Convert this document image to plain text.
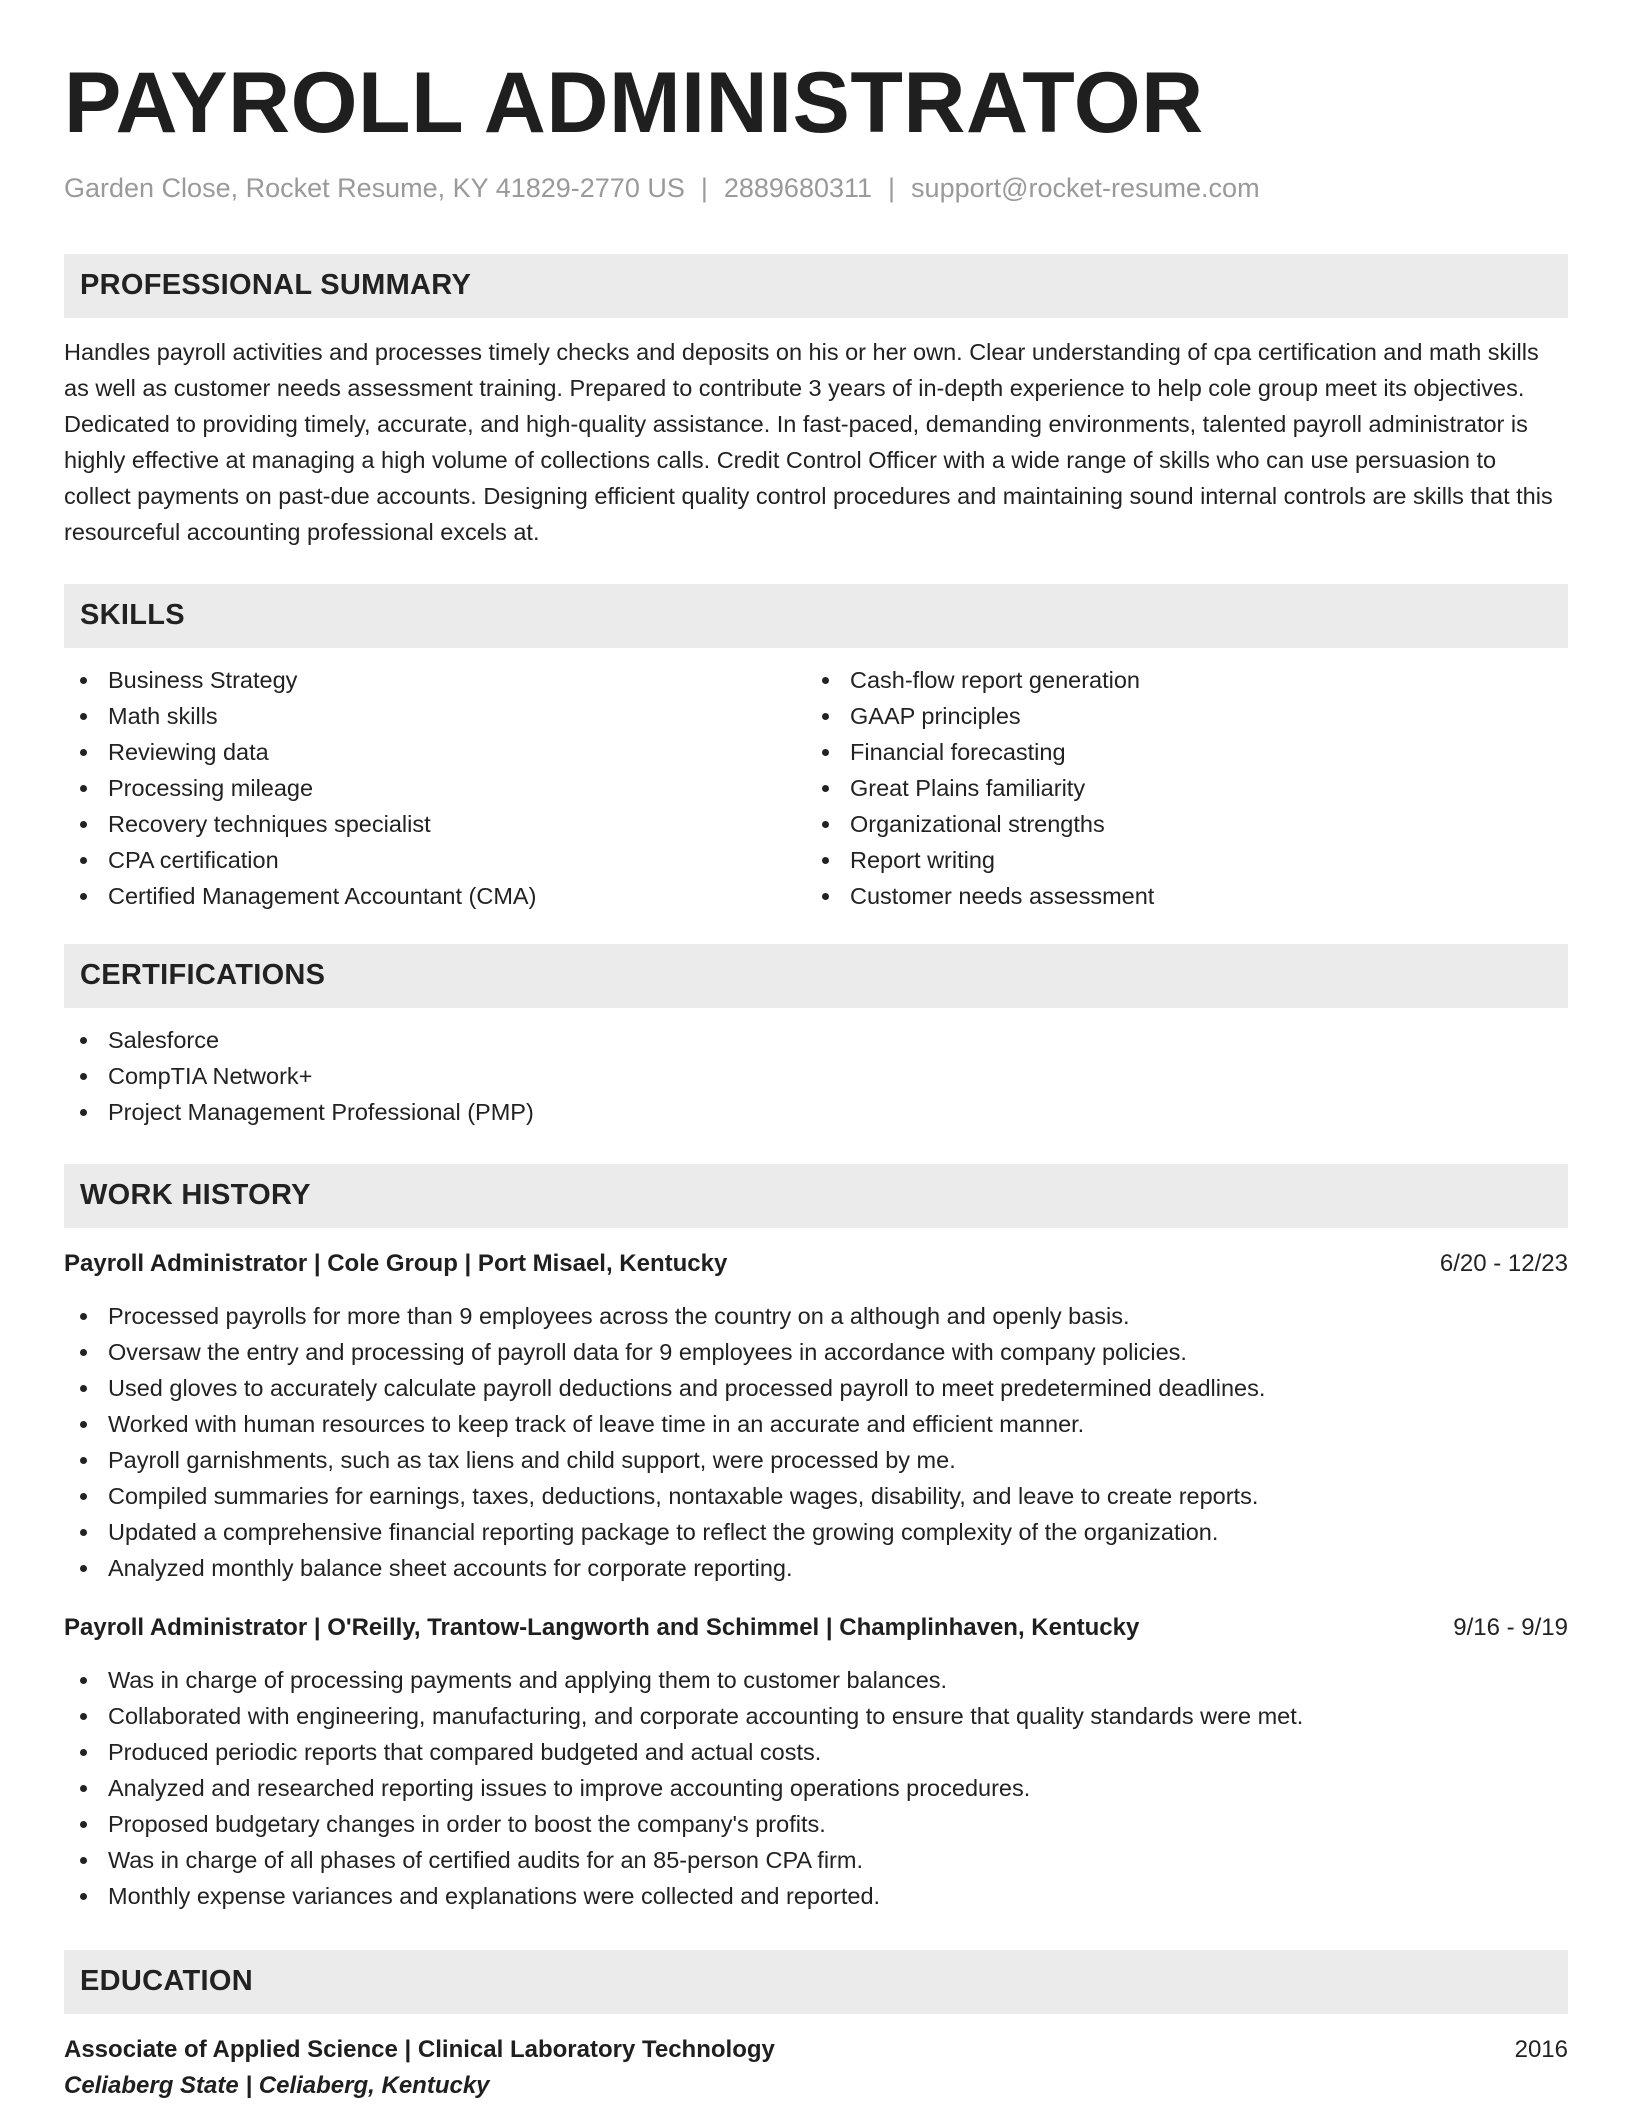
PAYROLL ADMINISTRATOR
Garden Close, Rocket Resume, KY 41829-2770 US | 2889680311 | support@rocket-resume.com
PROFESSIONAL SUMMARY
Handles payroll activities and processes timely checks and deposits on his or her own. Clear understanding of cpa certification and math skills as well as customer needs assessment training. Prepared to contribute 3 years of in-depth experience to help cole group meet its objectives. Dedicated to providing timely, accurate, and high-quality assistance. In fast-paced, demanding environments, talented payroll administrator is highly effective at managing a high volume of collections calls. Credit Control Officer with a wide range of skills who can use persuasion to collect payments on past-due accounts. Designing efficient quality control procedures and maintaining sound internal controls are skills that this resourceful accounting professional excels at.
SKILLS
Business Strategy
Math skills
Reviewing data
Processing mileage
Recovery techniques specialist
CPA certification
Certified Management Accountant (CMA)
Cash-flow report generation
GAAP principles
Financial forecasting
Great Plains familiarity
Organizational strengths
Report writing
Customer needs assessment
CERTIFICATIONS
Salesforce
CompTIA Network+
Project Management Professional (PMP)
WORK HISTORY
Payroll Administrator | Cole Group | Port Misael, Kentucky	6/20 - 12/23
Processed payrolls for more than 9 employees across the country on a although and openly basis.
Oversaw the entry and processing of payroll data for 9 employees in accordance with company policies.
Used gloves to accurately calculate payroll deductions and processed payroll to meet predetermined deadlines.
Worked with human resources to keep track of leave time in an accurate and efficient manner.
Payroll garnishments, such as tax liens and child support, were processed by me.
Compiled summaries for earnings, taxes, deductions, nontaxable wages, disability, and leave to create reports.
Updated a comprehensive financial reporting package to reflect the growing complexity of the organization.
Analyzed monthly balance sheet accounts for corporate reporting.
Payroll Administrator | O'Reilly, Trantow-Langworth and Schimmel | Champlinhaven, Kentucky	9/16 - 9/19
Was in charge of processing payments and applying them to customer balances.
Collaborated with engineering, manufacturing, and corporate accounting to ensure that quality standards were met.
Produced periodic reports that compared budgeted and actual costs.
Analyzed and researched reporting issues to improve accounting operations procedures.
Proposed budgetary changes in order to boost the company's profits.
Was in charge of all phases of certified audits for an 85-person CPA firm.
Monthly expense variances and explanations were collected and reported.
EDUCATION
Associate of Applied Science | Clinical Laboratory Technology	2016
Celiaberg State | Celiaberg, Kentucky
